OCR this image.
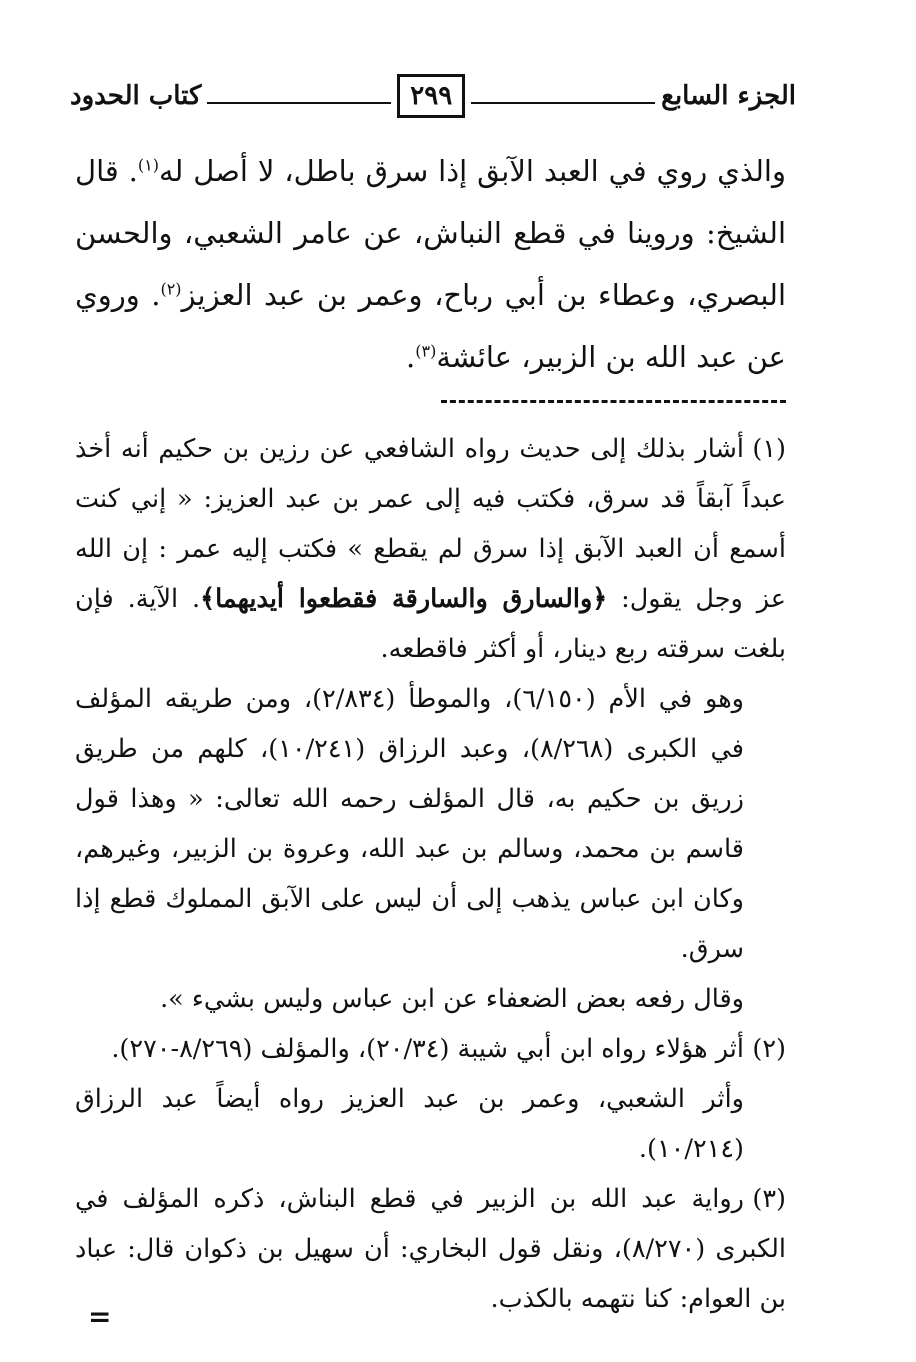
الجزء السابع
٢٩٩
كتاب الحدود

والذي روي في العبد الآبق إذا سرق باطل، لا أصل له$^{(١)}$. قال الشيخ: وروينا في قطع النباش، عن عامر الشعبي، والحسن البصري، وعطاء بن أبي رباح، وعمر بن عبد العزيز$^{(٢)}$. وروي عن عبد الله بن الزبير، عائشة$^{(٣)}$.

(١)أشار بذلك إلى حديث رواه الشافعي عن رزين بن حكيم أنه أخذ عبداً آبقاً قد سرق، فكتب فيه إلى عمر بن عبد العزيز: « إني كنت أسمع أن العبد الآبق إذا سرق لم يقطع » فكتب إليه عمر : إن الله عز وجل يقول: ﴿والسارق والسارقة فقطعوا أيديهما﴾. الآية. فإن بلغت سرقته ربع دينار، أو أكثر فاقطعه.

وهو في الأم (٦/١٥٠)، والموطأ (٢/٨٣٤)، ومن طريقه المؤلف في الكبرى (٨/٢٦٨)، وعبد الرزاق (١٠/٢٤١)، كلهم من طريق زريق بن حكيم به، قال المؤلف رحمه الله تعالى: « وهذا قول قاسم بن محمد، وسالم بن عبد الله، وعروة بن الزبير، وغيرهم، وكان ابن عباس يذهب إلى أن ليس على الآبق المملوك قطع إذا سرق.

وقال رفعه بعض الضعفاء عن ابن عباس وليس بشيء ».

(٢)أثر هؤلاء رواه ابن أبي شيبة (٢٠/٣٤)، والمؤلف (٨/٢٦٩-٢٧٠).

وأثر الشعبي، وعمر بن عبد العزيز رواه أيضاً عبد الرزاق (١٠/٢١٤).

(٣)رواية عبد الله بن الزبير في قطع البناش، ذكره المؤلف في الكبرى (٨/٢٧٠)، ونقل قول البخاري: أن سهيل بن ذكوان قال: عباد بن العوام: كنا نتهمه بالكذب.

=
